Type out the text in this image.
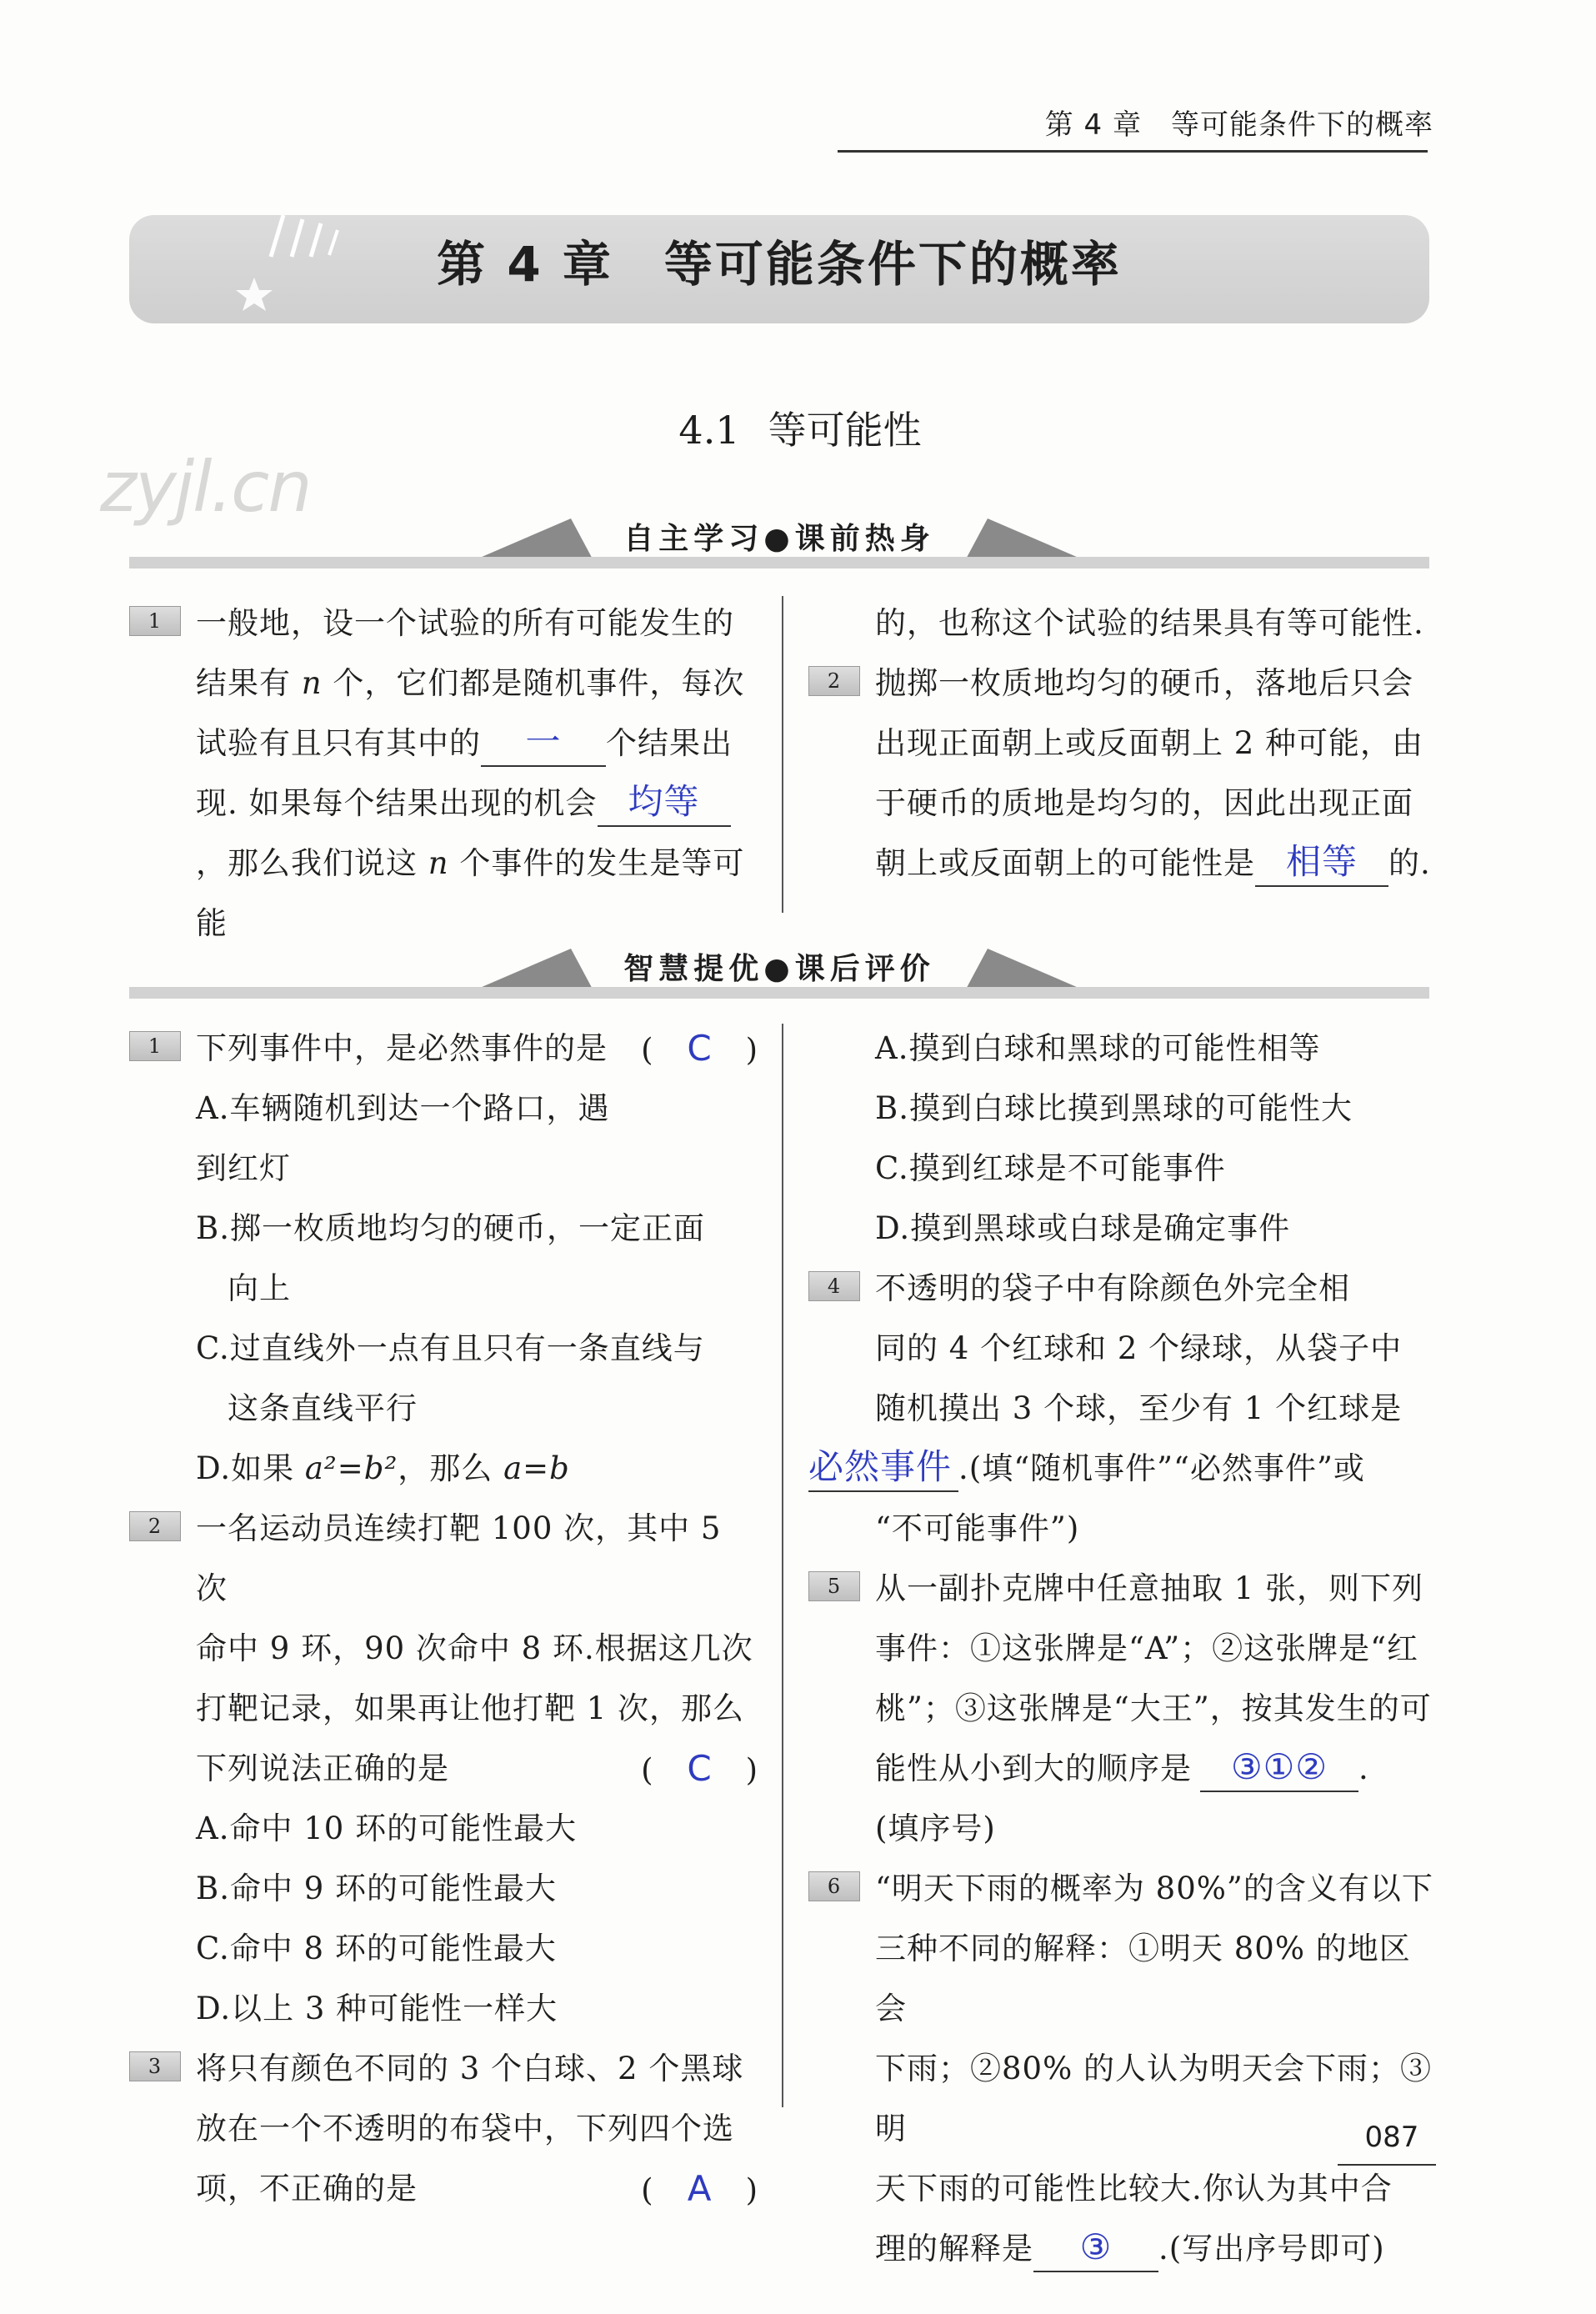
第 4 章　等可能条件下的概率
第 4 章　等可能条件下的概率
4.1 等可能性
zyjl.cn
自主学习●课前热身
1	一般地，设一个试验的所有可能发生的结果有 n 个，它们都是随机事件，每次试验有且只有其中的 一 个结果出现. 如果每个结果出现的机会 均等，那么我们说这 n 个事件的发生是等可能
的，也称这个试验的结果具有等可能性.
2	抛掷一枚质地均匀的硬币，落地后只会出现正面朝上或反面朝上 2 种可能，由于硬币的质地是均匀的，因此出现正面朝上或反面朝上的可能性是 相等 的.
智慧提优●课后评价
1	下列事件中，是必然事件的是 ( C )
A.车辆随机到达一个路口，遇到红灯
B.掷一枚质地均匀的硬币，一定正面
向上
C.过直线外一点有且只有一条直线与
这条直线平行
D.如果 a²=b²，那么 a=b
2	一名运动员连续打靶 100 次，其中 5 次
命中 9 环，90 次命中 8 环.根据这几次
打靶记录，如果再让他打靶 1 次，那么
下列说法正确的是	( C )
A.命中 10 环的可能性最大
B.命中 9 环的可能性最大
C.命中 8 环的可能性最大
D.以上 3 种可能性一样大
3	将只有颜色不同的 3 个白球、2 个黑球
放在一个不透明的布袋中，下列四个选
项，不正确的是	( A )
A.摸到白球和黑球的可能性相等
B.摸到白球比摸到黑球的可能性大
C.摸到红球是不可能事件
D.摸到黑球或白球是确定事件
4	不透明的袋子中有除颜色外完全相
同的 4 个红球和 2 个绿球，从袋子中
随机摸出 3 个球，至少有 1 个红球是
必然事件 .(填“随机事件”“必然事件”或
“不可能事件”)
5	从一副扑克牌中任意抽取 1 张，则下列
事件：①这张牌是“A”；②这张牌是“红
桃”；③这张牌是“大王”，按其发生的可
能性从小到大的顺序是 ③①② .
(填序号)
6	“明天下雨的概率为 80%”的含义有以下
三种不同的解释：①明天 80% 的地区会
下雨；②80% 的人认为明天会下雨；③明
天下雨的可能性比较大.你认为其中合
理的解释是 ③ .(写出序号即可)
087
